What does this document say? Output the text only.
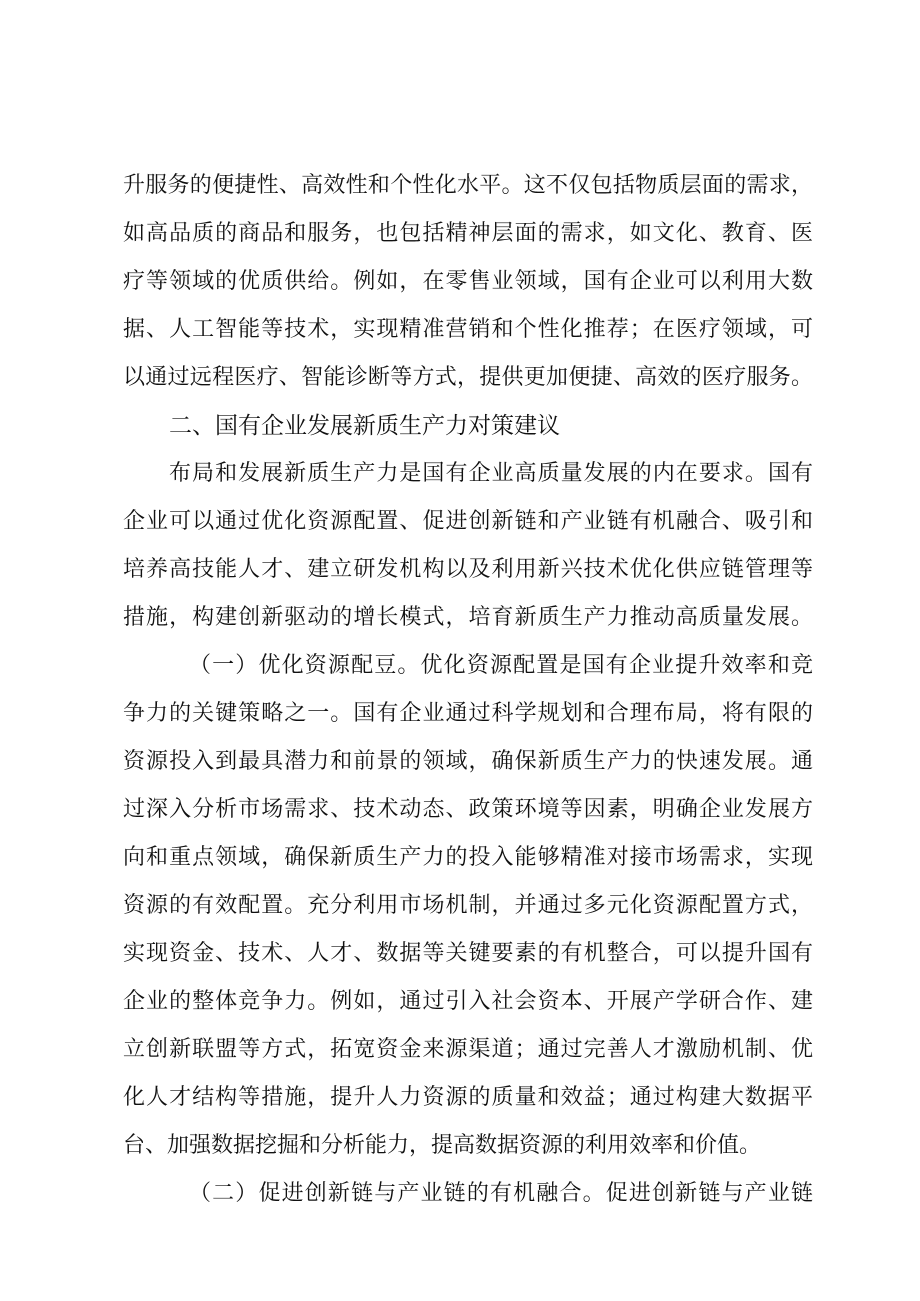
升服务的便捷性、高效性和个性化水平。这不仅包括物质层面的需求，
如高品质的商品和服务，也包括精神层面的需求，如文化、教育、医
疗等领域的优质供给。例如，在零售业领域，国有企业可以利用大数
据、人工智能等技术，实现精准营销和个性化推荐；在医疗领域，可
以通过远程医疗、智能诊断等方式，提供更加便捷、高效的医疗服务。
二、国有企业发展新质生产力对策建议
布局和发展新质生产力是国有企业高质量发展的内在要求。国有
企业可以通过优化资源配置、促进创新链和产业链有机融合、吸引和
培养高技能人才、建立研发机构以及利用新兴技术优化供应链管理等
措施，构建创新驱动的增长模式，培育新质生产力推动高质量发展。
（一）优化资源配豆。优化资源配置是国有企业提升效率和竞
争力的关键策略之一。国有企业通过科学规划和合理布局，将有限的
资源投入到最具潜力和前景的领域，确保新质生产力的快速发展。通
过深入分析市场需求、技术动态、政策环境等因素，明确企业发展方
向和重点领域，确保新质生产力的投入能够精准对接市场需求，实现
资源的有效配置。充分利用市场机制，并通过多元化资源配置方式，
实现资金、技术、人才、数据等关键要素的有机整合，可以提升国有
企业的整体竞争力。例如，通过引入社会资本、开展产学研合作、建
立创新联盟等方式，拓宽资金来源渠道；通过完善人才激励机制、优
化人才结构等措施，提升人力资源的质量和效益；通过构建大数据平
台、加强数据挖掘和分析能力，提高数据资源的利用效率和价值。
（二）促进创新链与产业链的有机融合。促进创新链与产业链
